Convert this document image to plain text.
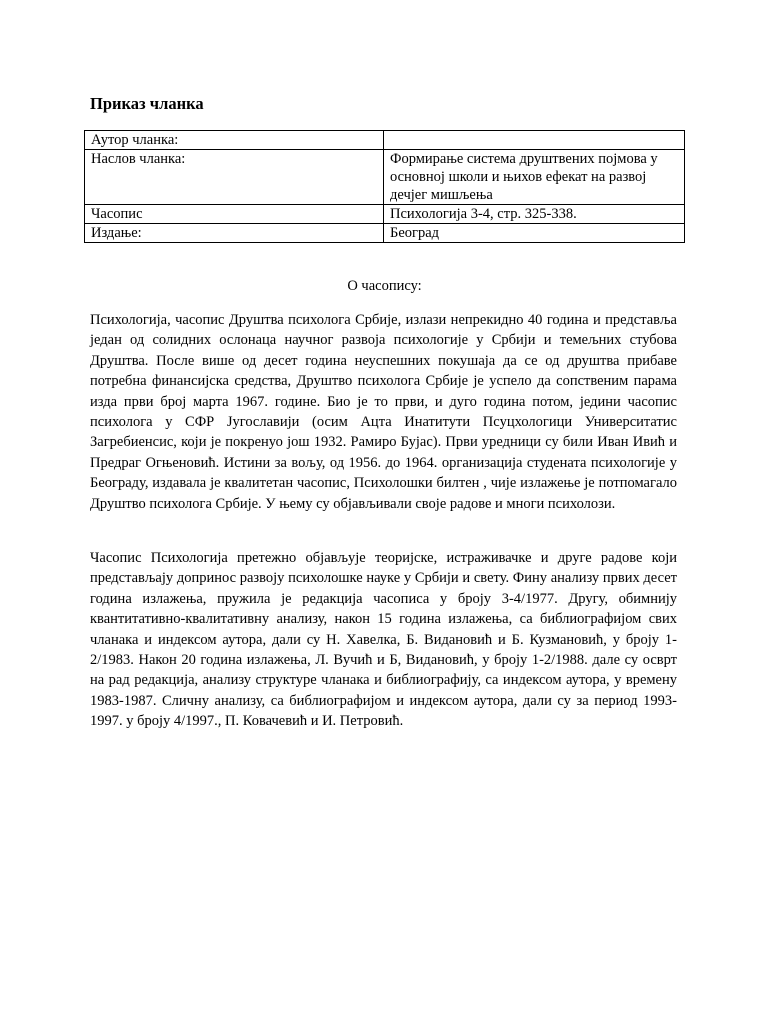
Приказ чланка
Аутор чланка:	
Наслов чланка:	Формирање система друштвених појмова у основној школи и њихов ефекат на развој дечјег мишљења
Часопис	Психологија 3-4, стр. 325-338.
Издање:	Београд

О часопису:

Психологија, часопис Друштва психолога Србије, излази непрекидно 40 година и представља један од солидних ослонаца научног развоја психологије у Србији и темељних стубова Друштва. После више од десет година неуспешних покушаја да се од друштва прибаве потребна финансијска средства, Друштво психолога Србије је успело да сопственим парама изда први број марта 1967. године. Био је то први, и дуго година потом, једини часопис психолога у СФР Југославији (осим Ацта Инатитути Псyцхологици Университатис Загребиенсис, који је покренуо још 1932. Рамиро Бујас). Први уредници су били Иван Ивић и Предраг Огњеновић. Истини за вољу, од 1956. до 1964. организација студената психологије у Београду, издавала је квалитетан часопис, Психолошки билтен , чије излажење је потпомагало Друштво психолога Србије. У њему су објављивали своје радове и многи психолози.

Часопис Психологија претежно објављује теоријске, истраживачке и друге радове који представљају допринос развоју психолошке науке у Србији и свету. Фину анализу првих десет година излажења, пружила је редакција часописа у броју 3-4/1977. Другу, обимнију квантитативно-квалитативну анализу, након 15 година излажења, са библиографијом свих чланака и индексом аутора, дали су Н. Хавелка, Б. Видановић и Б. Кузмановић, у броју 1-2/1983. Након 20 година излажења, Л. Вучић и Б, Видановић, у броју 1-2/1988. дале су осврт на рад редакција, анализу структуре чланака и библиографију, са индексом аутора, у времену 1983-1987. Сличну анализу, са библиографијом и индексом аутора, дали су за период 1993-1997. у броју 4/1997., П. Ковачевић и И. Петровић.
